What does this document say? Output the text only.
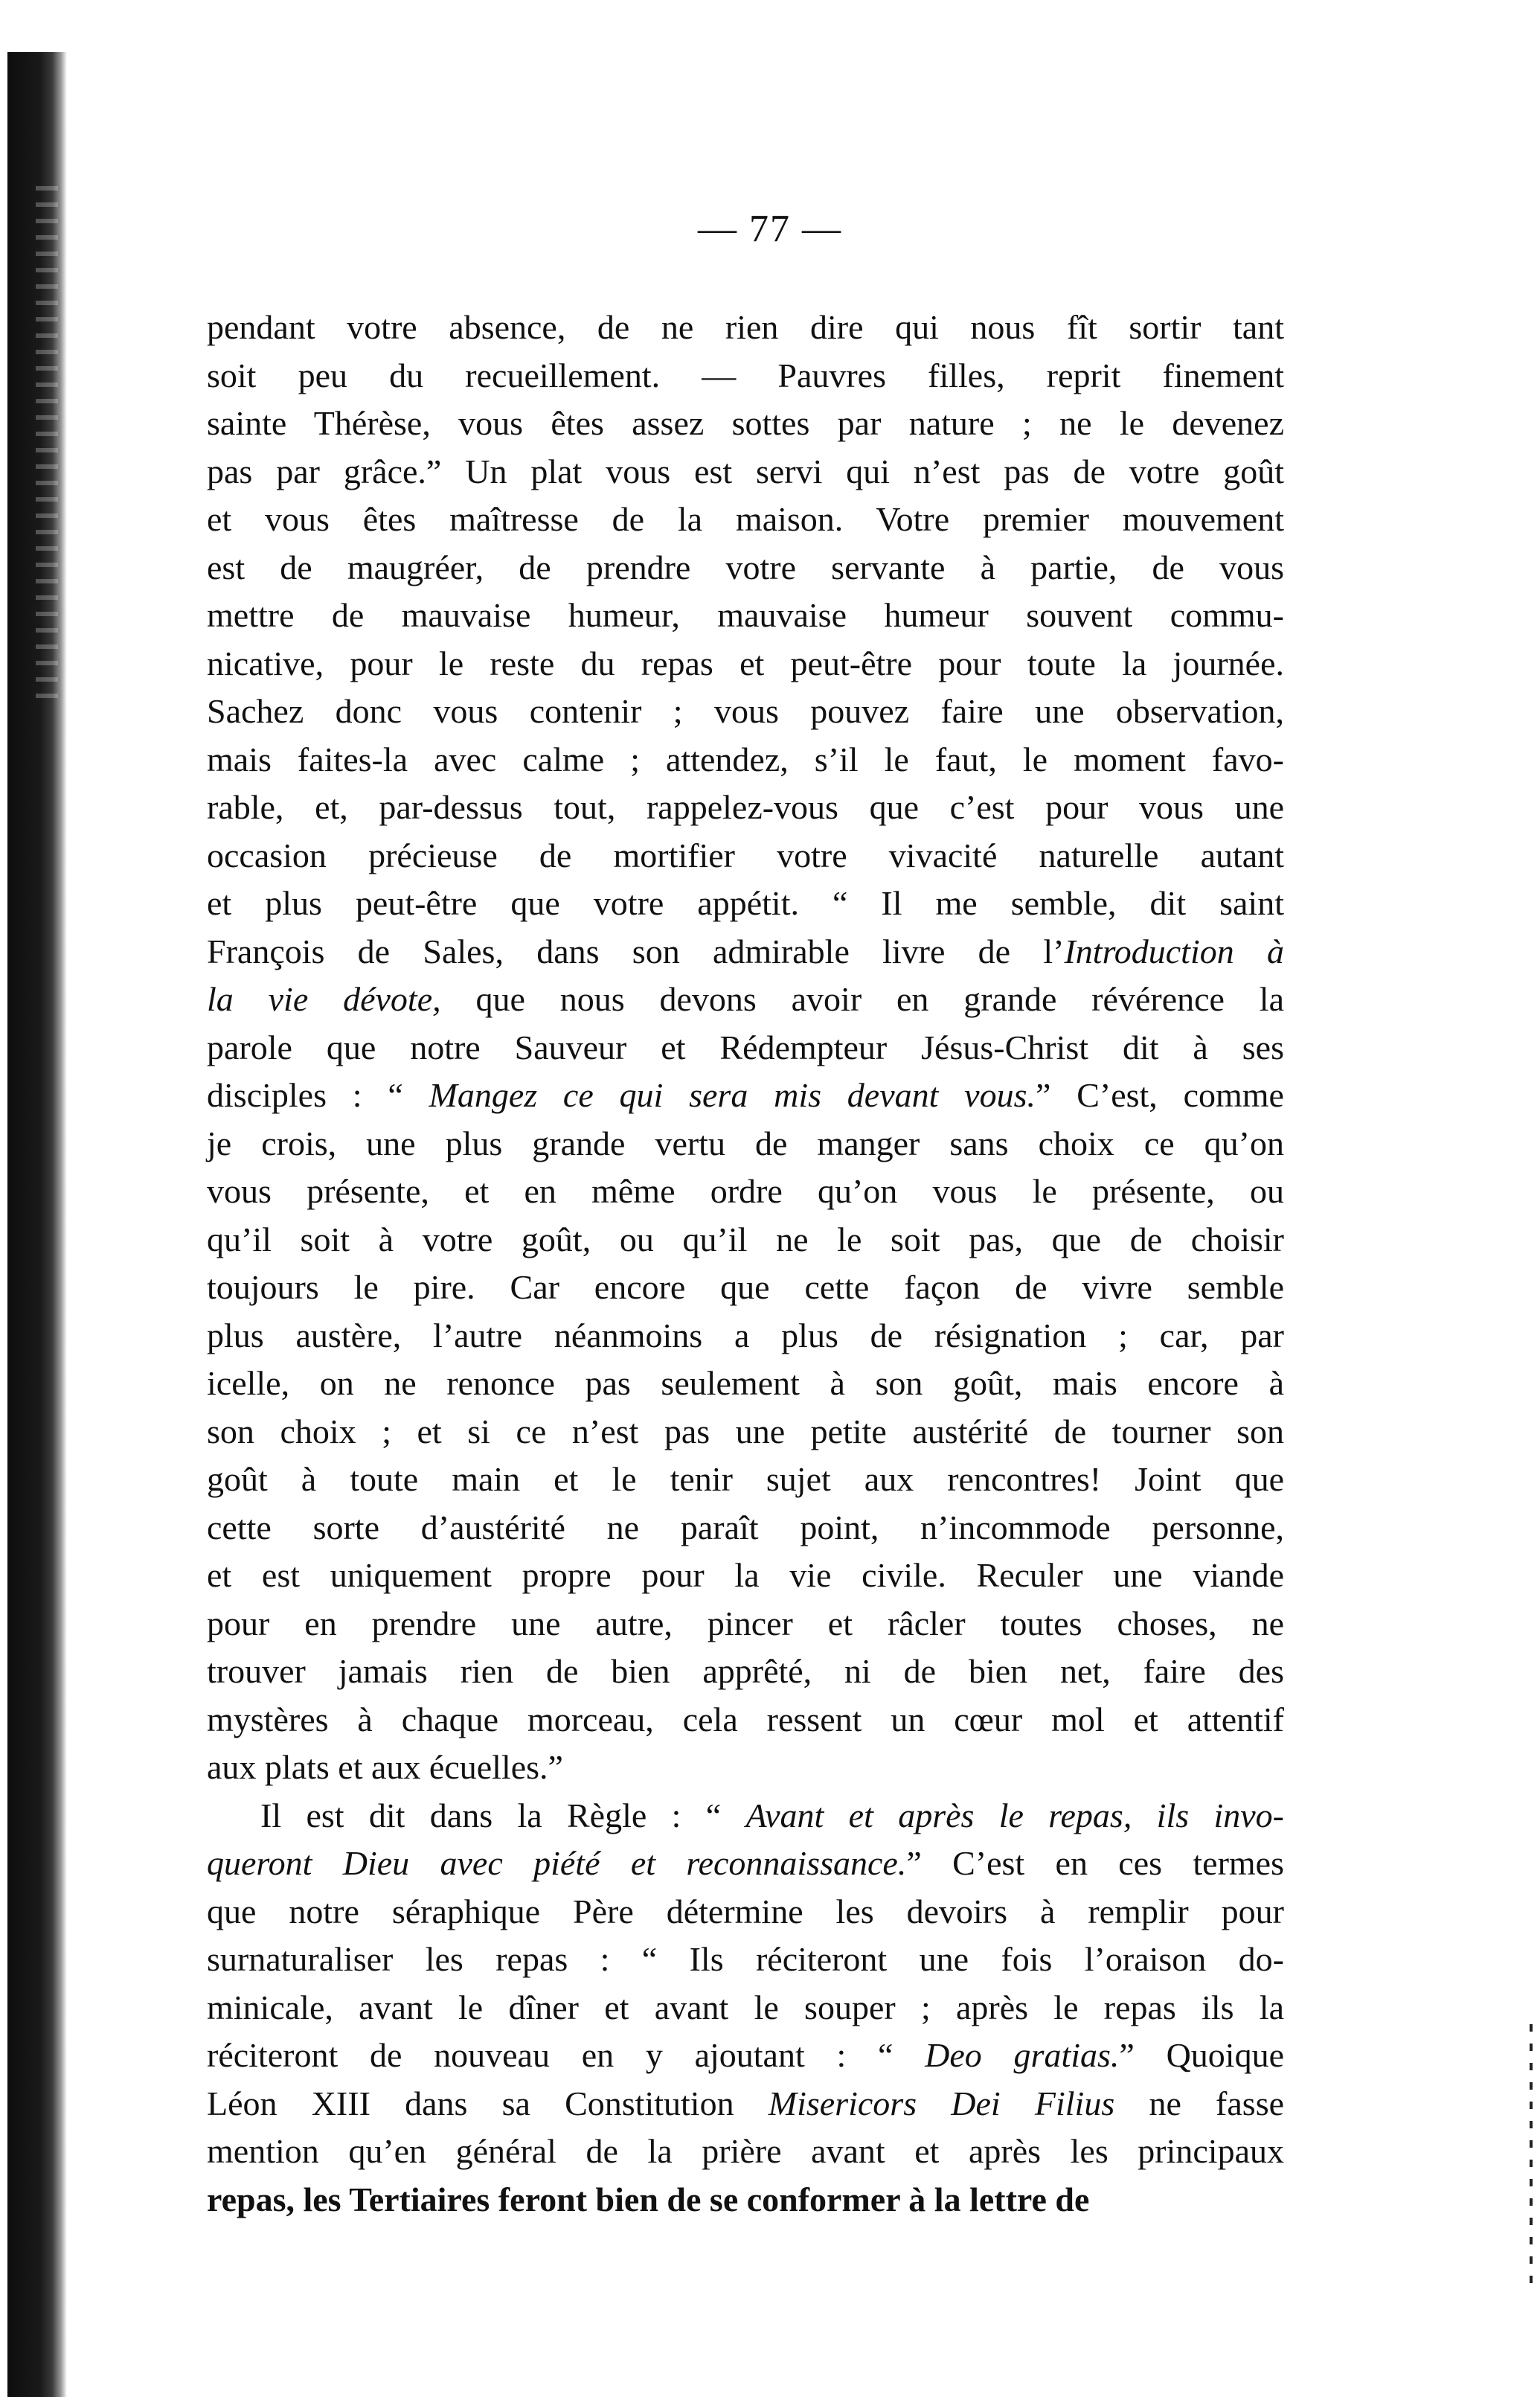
— 77 —

pendant votre absence, de ne rien dire qui nous fît sortir tant
soit peu du recueillement. — Pauvres filles, reprit finement
sainte Thérèse, vous êtes assez sottes par nature ; ne le devenez
pas par grâce.” Un plat vous est servi qui n’est pas de votre goût
et vous êtes maîtresse de la maison. Votre premier mouvement
est de maugréer, de prendre votre servante à partie, de vous
mettre de mauvaise humeur, mauvaise humeur souvent commu-
nicative, pour le reste du repas et peut-être pour toute la journée.
Sachez donc vous contenir ; vous pouvez faire une observation,
mais faites-la avec calme ; attendez, s’il le faut, le moment favo-
rable, et, par-dessus tout, rappelez-vous que c’est pour vous une
occasion précieuse de mortifier votre vivacité naturelle autant
et plus peut-être que votre appétit. “ Il me semble, dit saint
François de Sales, dans son admirable livre de l’Introduction à
la vie dévote, que nous devons avoir en grande révérence la
parole que notre Sauveur et Rédempteur Jésus-Christ dit à ses
disciples : “ Mangez ce qui sera mis devant vous.” C’est, comme
je crois, une plus grande vertu de manger sans choix ce qu’on
vous présente, et en même ordre qu’on vous le présente, ou
qu’il soit à votre goût, ou qu’il ne le soit pas, que de choisir
toujours le pire. Car encore que cette façon de vivre semble
plus austère, l’autre néanmoins a plus de résignation ; car, par
icelle, on ne renonce pas seulement à son goût, mais encore à
son choix ; et si ce n’est pas une petite austérité de tourner son
goût à toute main et le tenir sujet aux rencontres! Joint que
cette sorte d’austérité ne paraît point, n’incommode personne,
et est uniquement propre pour la vie civile. Reculer une viande
pour en prendre une autre, pincer et râcler toutes choses, ne
trouver jamais rien de bien apprêté, ni de bien net, faire des
mystères à chaque morceau, cela ressent un cœur mol et attentif
aux plats et aux écuelles.”
Il est dit dans la Règle : “ Avant et après le repas, ils invo-
queront Dieu avec piété et reconnaissance.” C’est en ces termes
que notre séraphique Père détermine les devoirs à remplir pour
surnaturaliser les repas : “ Ils réciteront une fois l’oraison do-
minicale, avant le dîner et avant le souper ; après le repas ils la
réciteront de nouveau en y ajoutant : “ Deo gratias.” Quoique
Léon XIII dans sa Constitution Misericors Dei Filius ne fasse
mention qu’en général de la prière avant et après les principaux
repas, les Tertiaires feront bien de se conformer à la lettre de
